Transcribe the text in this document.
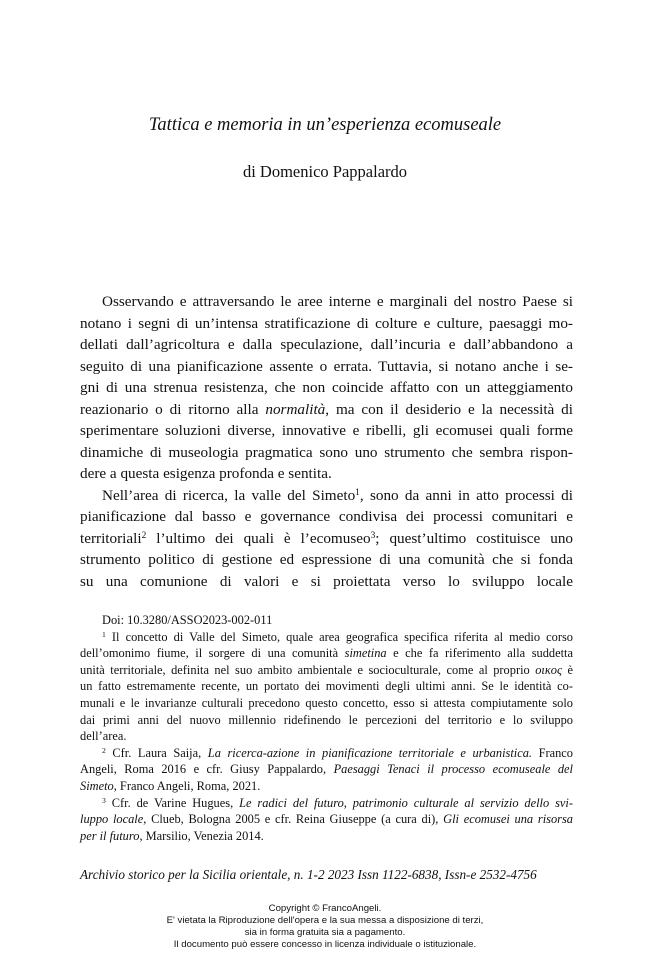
Tattica e memoria in un’esperienza ecomuseale
di Domenico Pappalardo
Osservando e attraversando le aree interne e marginali del nostro Paese si
notano i segni di un’intensa stratificazione di colture e culture, paesaggi mo-
dellati dall’agricoltura e dalla speculazione, dall’incuria e dall’abbandono a
seguito di una pianificazione assente o errata. Tuttavia, si notano anche i se-
gni di una strenua resistenza, che non coincide affatto con un atteggiamento
reazionario o di ritorno alla normalità, ma con il desiderio e la necessità di
sperimentare soluzioni diverse, innovative e ribelli, gli ecomusei quali forme
dinamiche di museologia pragmatica sono uno strumento che sembra rispon-
dere a questa esigenza profonda e sentita.
Nell’area di ricerca, la valle del Simeto$^1$, sono da anni in atto processi di
pianificazione dal basso e governance condivisa dei processi comunitari e
territoriali$^2$ l’ultimo dei quali è l’ecomuseo$^3$; quest’ultimo costituisce uno
strumento politico di gestione ed espressione di una comunità che si fonda
su una comunione di valori e si proiettata verso lo sviluppo locale
Doi: 10.3280/ASSO2023-002-011
$^1$ Il concetto di Valle del Simeto, quale area geografica specifica riferita al medio corso
dell’omonimo fiume, il sorgere di una comunità simetina e che fa riferimento alla suddetta
unità territoriale, definita nel suo ambito ambientale e socioculturale, come al proprio οικος è
un fatto estremamente recente, un portato dei movimenti degli ultimi anni. Se le identità co-
munali e le invarianze culturali precedono questo concetto, esso si attesta compiutamente solo
dai primi anni del nuovo millennio ridefinendo le percezioni del territorio e lo sviluppo
dell’area.
$^2$ Cfr. Laura Saija, La ricerca-azione in pianificazione territoriale e urbanistica. Franco
Angeli, Roma 2016 e cfr. Giusy Pappalardo, Paesaggi Tenaci il processo ecomuseale del
Simeto, Franco Angeli, Roma, 2021.
$^3$ Cfr. de Varine Hugues, Le radici del futuro, patrimonio culturale al servizio dello svi-
luppo locale, Clueb, Bologna 2005 e cfr. Reina Giuseppe (a cura di), Gli ecomusei una risorsa
per il futuro, Marsilio, Venezia 2014.
Archivio storico per la Sicilia orientale, n. 1-2 2023 Issn 1122-6838, Issn-e 2532-4756
Copyright © FrancoAngeli.
E' vietata la Riproduzione dell'opera e la sua messa a disposizione di terzi,
sia in forma gratuita sia a pagamento.
Il documento può essere concesso in licenza individuale o istituzionale.
